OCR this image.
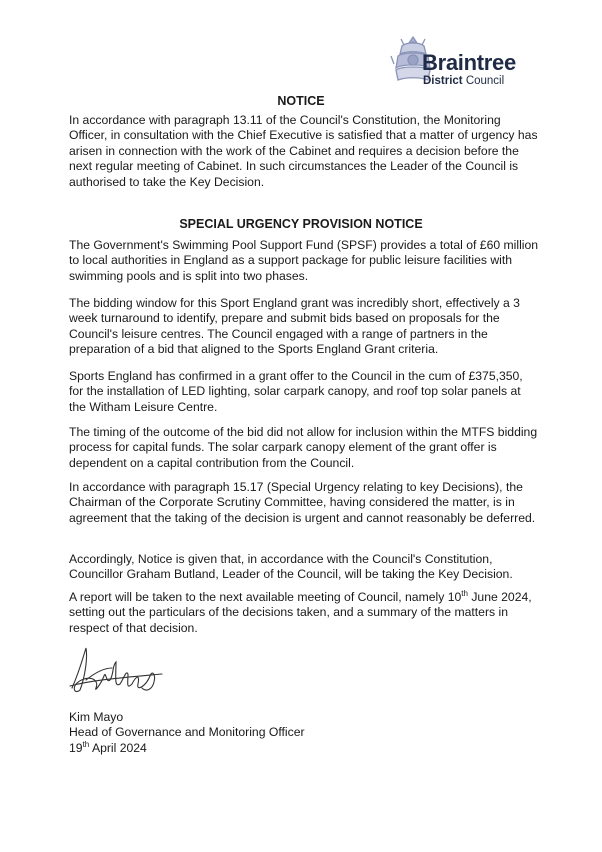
Braintree
District Council
NOTICE
In accordance with paragraph 13.11 of the Council's Constitution, the Monitoring Officer, in consultation with the Chief Executive is satisfied that a matter of urgency has arisen in connection with the work of the Cabinet and requires a decision before the next regular meeting of Cabinet. In such circumstances the Leader of the Council is authorised to take the Key Decision.
SPECIAL URGENCY PROVISION NOTICE
The Government's Swimming Pool Support Fund (SPSF) provides a total of £60 million to local authorities in England as a support package for public leisure facilities with swimming pools and is split into two phases.
The bidding window for this Sport England grant was incredibly short, effectively a 3 week turnaround to identify, prepare and submit bids based on proposals for the Council's leisure centres. The Council engaged with a range of partners in the preparation of a bid that aligned to the Sports England Grant criteria.
Sports England has confirmed in a grant offer to the Council in the cum of £375,350, for the installation of LED lighting, solar carpark canopy, and roof top solar panels at the Witham Leisure Centre.
The timing of the outcome of the bid did not allow for inclusion within the MTFS bidding process for capital funds. The solar carpark canopy element of the grant offer is dependent on a capital contribution from the Council.
In accordance with paragraph 15.17 (Special Urgency relating to key Decisions), the Chairman of the Corporate Scrutiny Committee, having considered the matter, is in agreement that the taking of the decision is urgent and cannot reasonably be deferred.
Accordingly, Notice is given that, in accordance with the Council's Constitution, Councillor Graham Butland, Leader of the Council, will be taking the Key Decision.
A report will be taken to the next available meeting of Council, namely 10th June 2024, setting out the particulars of the decisions taken, and a summary of the matters in respect of that decision.
Kim Mayo
Head of Governance and Monitoring Officer
19th April 2024
